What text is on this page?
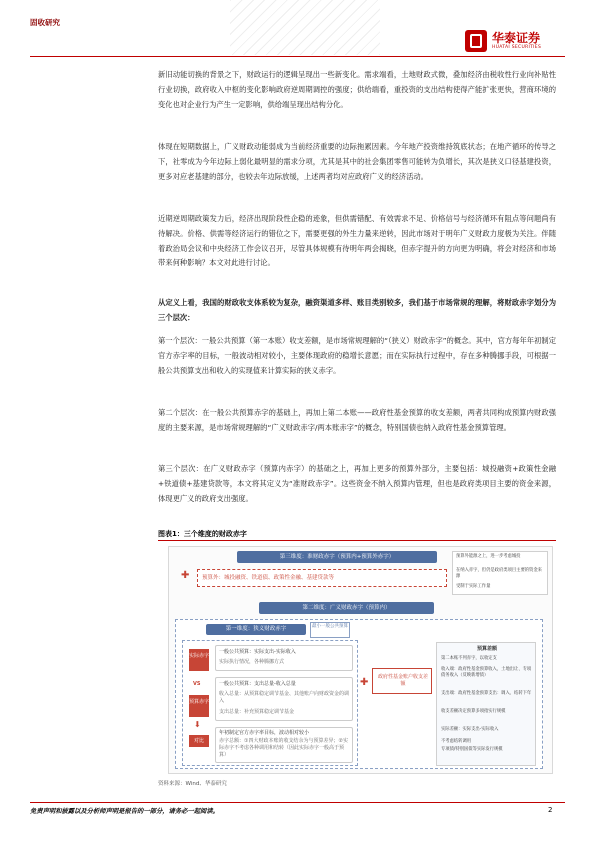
固收研究
华泰证券
HUATAI SECURITIES

新旧动能切换的背景之下，财政运行的逻辑呈现出一些新变化。需求端看，土地财政式微，叠加经济由税收性行业向补贴性行业切换，政府收入中枢的变化影响政府逆周期调控的强度；供给端看，重投资的支出结构使得产能扩张更快，营商环境的变化也对企业行为产生一定影响，供给端呈现出结构分化。

体现在短期数据上，广义财政动能弱成为当前经济重要的边际拖累因素。今年地产投资维持筑底状态；在地产循环的传导之下，社零成为今年边际上弱化最明显的需求分项，尤其是其中的社会集团零售可能转为负增长，其次是狭义口径基建投资，更多对应老基建的部分，也较去年边际放缓，上述两者均对应政府广义的经济活动。

近期逆周期政策发力后，经济出现阶段性企稳的迹象，但供需错配、有效需求不足、价格信号与经济循环有阻点等问题尚有待解决。价格、供需等经济运行的错位之下，需要更强的外生力量来逆转，因此市场对于明年广义财政力度极为关注。伴随着政治局会议和中央经济工作会议召开，尽管具体规模有待明年两会揭晓，但赤字提升的方向更为明确，将会对经济和市场带来何种影响？本文对此进行讨论。

从定义上看，我国的财政收支体系较为复杂，融资渠道多样、账目类别较多，我们基于市场常规的理解，将财政赤字划分为三个层次：

第一个层次：一般公共预算（第一本账）收支差额，是市场常规理解的“（狭义）财政赤字”的概念。其中，官方每年年初制定官方赤字率的目标，一般波动相对较小，主要体现政府的稳增长意愿；而在实际执行过程中，存在多种腾挪手段，可根据一般公共预算支出和收入的实现值来计算实际的狭义赤字。

第二个层次：在一般公共预算赤字的基础上，再加上第二本账——政府性基金预算的收支差额，两者共同构成预算内财政强度的主要来源，是市场常规理解的“广义财政赤字/两本账赤字”的概念，特别国债也纳入政府性基金预算管理。

第三个层次：在广义财政赤字（预算内赤字）的基础之上，再加上更多的预算外部分，主要包括：城投融资+政策性金融+铁道债+基建贷款等，本文将其定义为“准财政赤字”。这些资金不纳入预算内管理，但也是政府类项目主要的资金来源，体现更广义的政府支出强度。

图表1：三个维度的财政赤字
第三维度：准财政赤字（预算内+预算外赤字）
预算外：城投融资、铁道债、政策性金融、基建贷款等
✚
预算外能源之上，进一步考虑城投
在纳入赤字，但仍是政府类项目主要的资金来源
受制于实际工作量
第二维度：广义财政赤字（预算内）
第一维度：狭义财政赤字	最小一般公共预算
实际赤字
VS
预算赤字
⬇
对比
一般公共预算：实际支出-实际收入
实际执行情况，各种腾挪方式
一般公共预算：支出总量-收入总量
收入总量：从预算稳定调节基金、其他账户向财政资金的调入
支出总量：补充预算稳定调节基金
年初制定官方赤字率目标，波动相对较小
赤字总额：①四大财政本账的收支结余为与预算差异；②实际赤字不考虑各种调用和结转（因此实际赤字一般高于预算）
✚	政府性基金账户收支差额
预算差额
第二本账不列赤字，以收定支
收入端：政府性基金预算收入，土地出让、专项债务收入（反映新增债）
支出端：政府性基金预算支出：调入、结转下年
收支差额决定预算多项指实行规模
实际差额：实际支出-实际收入
不考虑结转调用
专项债/特别国债等实际发行规模
资料来源：Wind、华泰研究
免责声明和披露以及分析师声明是报告的一部分，请务必一起阅读。	2
